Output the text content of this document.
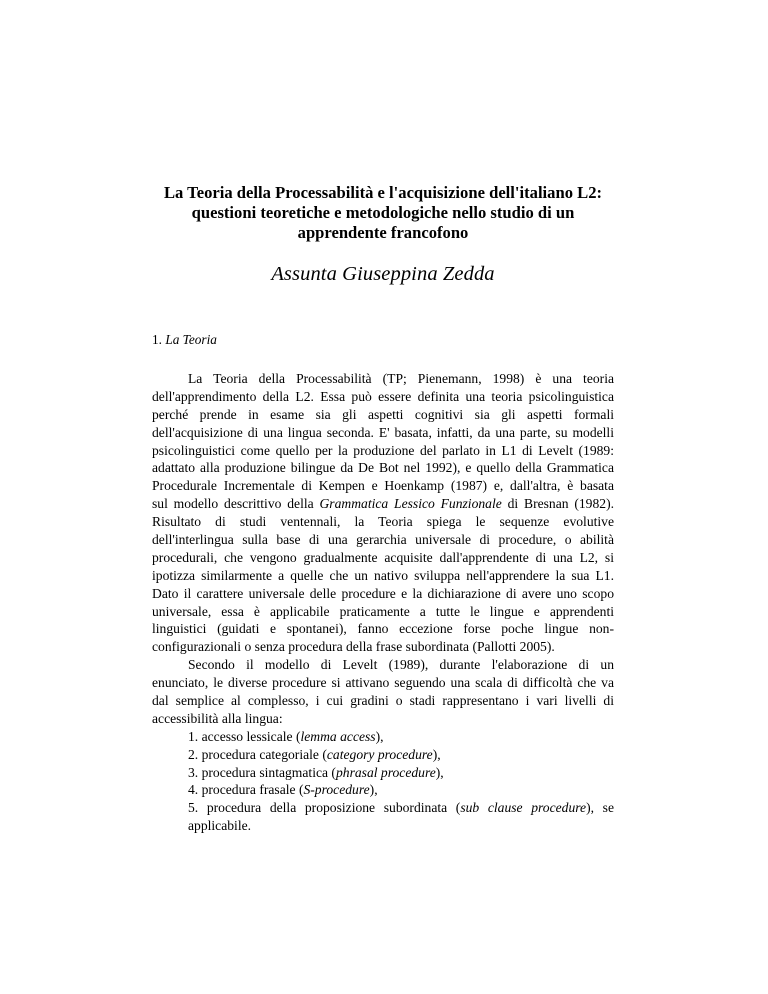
La Teoria della Processabilità e l'acquisizione dell'italiano L2:
questioni teoretiche e metodologiche nello studio di un
apprendente francofono
Assunta Giuseppina Zedda
1. La Teoria
La Teoria della Processabilità (TP; Pienemann, 1998) è una teoria
dell'apprendimento della L2. Essa può essere definita una teoria psicolinguistica
perché prende in esame sia gli aspetti cognitivi sia gli aspetti formali
dell'acquisizione di una lingua seconda. E' basata, infatti, da una parte, su modelli
psicolinguistici come quello per la produzione del parlato in L1 di Levelt (1989:
adattato alla produzione bilingue da De Bot nel 1992), e quello della Grammatica
Procedurale Incrementale di Kempen e Hoenkamp (1987) e, dall'altra, è basata
sul modello descrittivo della Grammatica Lessico Funzionale di Bresnan (1982).
Risultato di studi ventennali, la Teoria spiega le sequenze evolutive
dell'interlingua sulla base di una gerarchia universale di procedure, o abilità
procedurali, che vengono gradualmente acquisite dall'apprendente di una L2, si
ipotizza similarmente a quelle che un nativo sviluppa nell'apprendere la sua L1.
Dato il carattere universale delle procedure e la dichiarazione di avere uno scopo
universale, essa è applicabile praticamente a tutte le lingue e apprendenti
linguistici (guidati e spontanei), fanno eccezione forse poche lingue non-
configurazionali o senza procedura della frase subordinata (Pallotti 2005).
Secondo il modello di Levelt (1989), durante l'elaborazione di un
enunciato, le diverse procedure si attivano seguendo una scala di difficoltà che va
dal semplice al complesso, i cui gradini o stadi rappresentano i vari livelli di
accessibilità alla lingua:
1. accesso lessicale (lemma access),
2. procedura categoriale (category procedure),
3. procedura sintagmatica (phrasal procedure),
4. procedura frasale (S-procedure),
5. procedura della proposizione subordinata (sub clause procedure), se
applicabile.
